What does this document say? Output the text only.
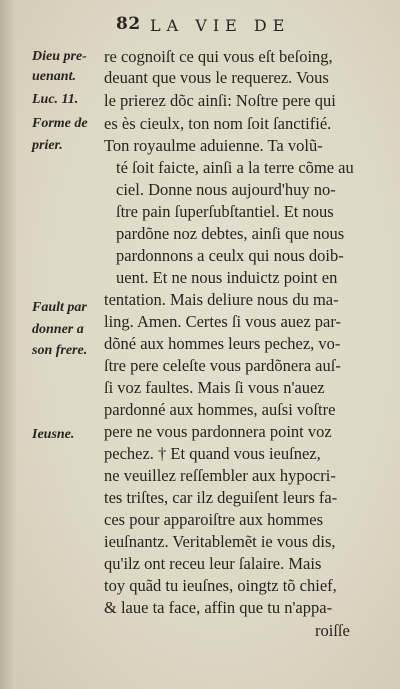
82 LA VIE DE
Dieu pre-
uenant.
Luc. 11.
Forme de
prier.
Fault par
donner a
son frere.
Ieusne.
re cognoiſt ce qui vous eſt beſoing,
deuant que vous le requerez. Vous
le prierez dõc ainſi: Noſtre pere qui
es ès cieulx, ton nom ſoit ſanctifié.
Ton royaulme aduienne. Ta volũ-
té ſoit faicte, ainſi a la terre cõme au
ciel. Donne nous aujourd'huy no-
ſtre pain ſuperſubſtantiel. Et nous
pardõne noz debtes, ainſi que nous
pardonnons a ceulx qui nous doib-
uent. Et ne nous induictz point en
tentation. Mais deliure nous du ma-
ling. Amen. Certes ſi vous auez par-
dõné aux hommes leurs pechez, vo-
ſtre pere celeſte vous pardõnera auſ-
ſi voz faultes. Mais ſi vous n'auez
pardonné aux hommes, auſsi voſtre
pere ne vous pardonnera point voz
pechez. † Et quand vous ieuſnez,
ne veuillez reſſembler aux hypocri-
tes triſtes, car ilz deguiſent leurs fa-
ces pour apparoiſtre aux hommes
ieuſnantz. Veritablemẽt ie vous dis,
qu'ilz ont receu leur ſalaire. Mais
toy quãd tu ieuſnes, oingtz tõ chief,
& laue ta face, affin que tu n'appa-
roiſſe
